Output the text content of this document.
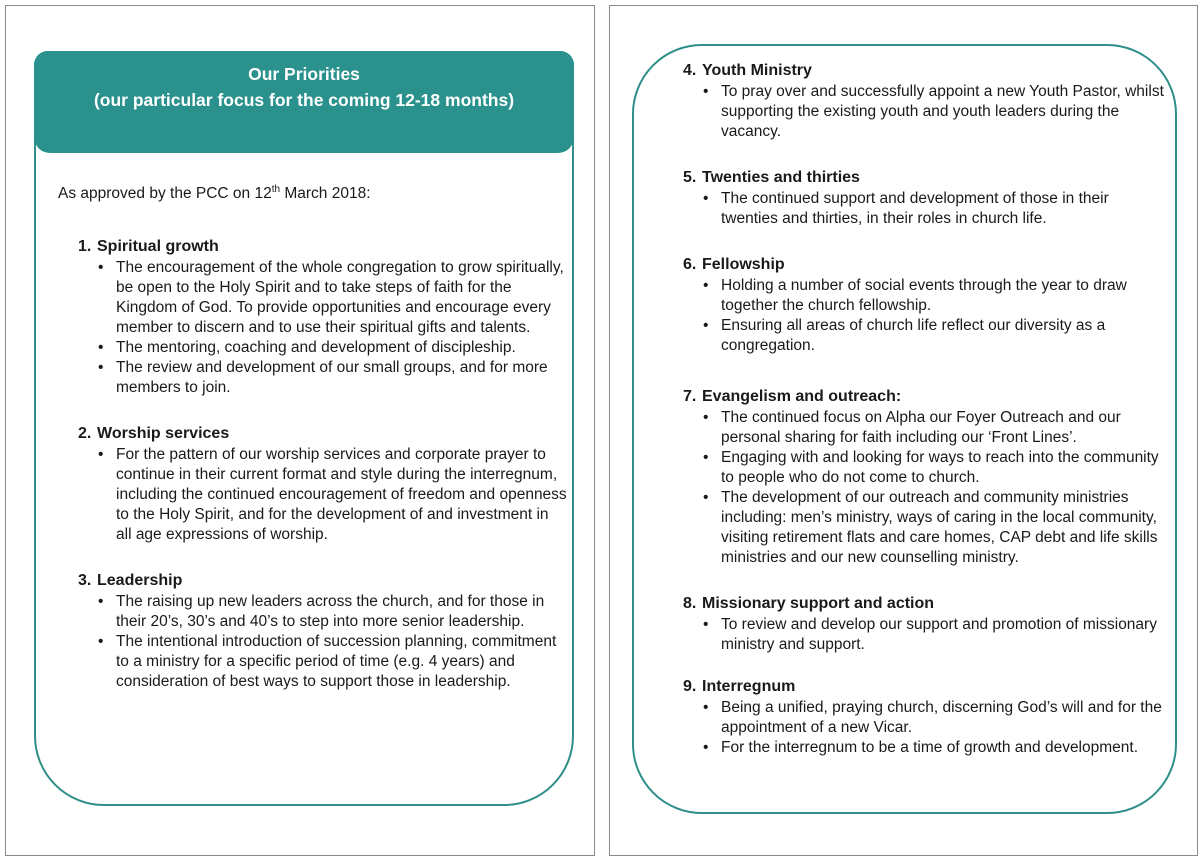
Our Priorities
(our particular focus for the coming 12-18 months)
As approved by the PCC on 12th March 2018:
1. Spiritual growth
• The encouragement of the whole congregation to grow spiritually, be open to the Holy Spirit and to take steps of faith for the Kingdom of God. To provide opportunities and encourage every member to discern and to use their spiritual gifts and talents.
• The mentoring, coaching and development of discipleship.
• The review and development of our small groups, and for more members to join.
2. Worship services
• For the pattern of our worship services and corporate prayer to continue in their current format and style during the interregnum, including the continued encouragement of freedom and openness to the Holy Spirit, and for the development of and investment in all age expressions of worship.
3. Leadership
• The raising up new leaders across the church, and for those in their 20’s, 30’s and 40’s to step into more senior leadership.
• The intentional introduction of succession planning, commitment to a ministry for a specific period of time (e.g. 4 years) and consideration of best ways to support those in leadership.
4. Youth Ministry
• To pray over and successfully appoint a new Youth Pastor, whilst supporting the existing youth and youth leaders during the vacancy.
5. Twenties and thirties
• The continued support and development of those in their twenties and thirties, in their roles in church life.
6. Fellowship
• Holding a number of social events through the year to draw together the church fellowship.
• Ensuring all areas of church life reflect our diversity as a congregation.
7. Evangelism and outreach:
• The continued focus on Alpha our Foyer Outreach and our personal sharing for faith including our ‘Front Lines’.
• Engaging with and looking for ways to reach into the community to people who do not come to church.
• The development of our outreach and community ministries including: men’s ministry, ways of caring in the local community, visiting retirement flats and care homes, CAP debt and life skills ministries and our new counselling ministry.
8. Missionary support and action
• To review and develop our support and promotion of missionary ministry and support.
9. Interregnum
• Being a unified, praying church, discerning God’s will and for the appointment of a new Vicar.
• For the interregnum to be a time of growth and development.
